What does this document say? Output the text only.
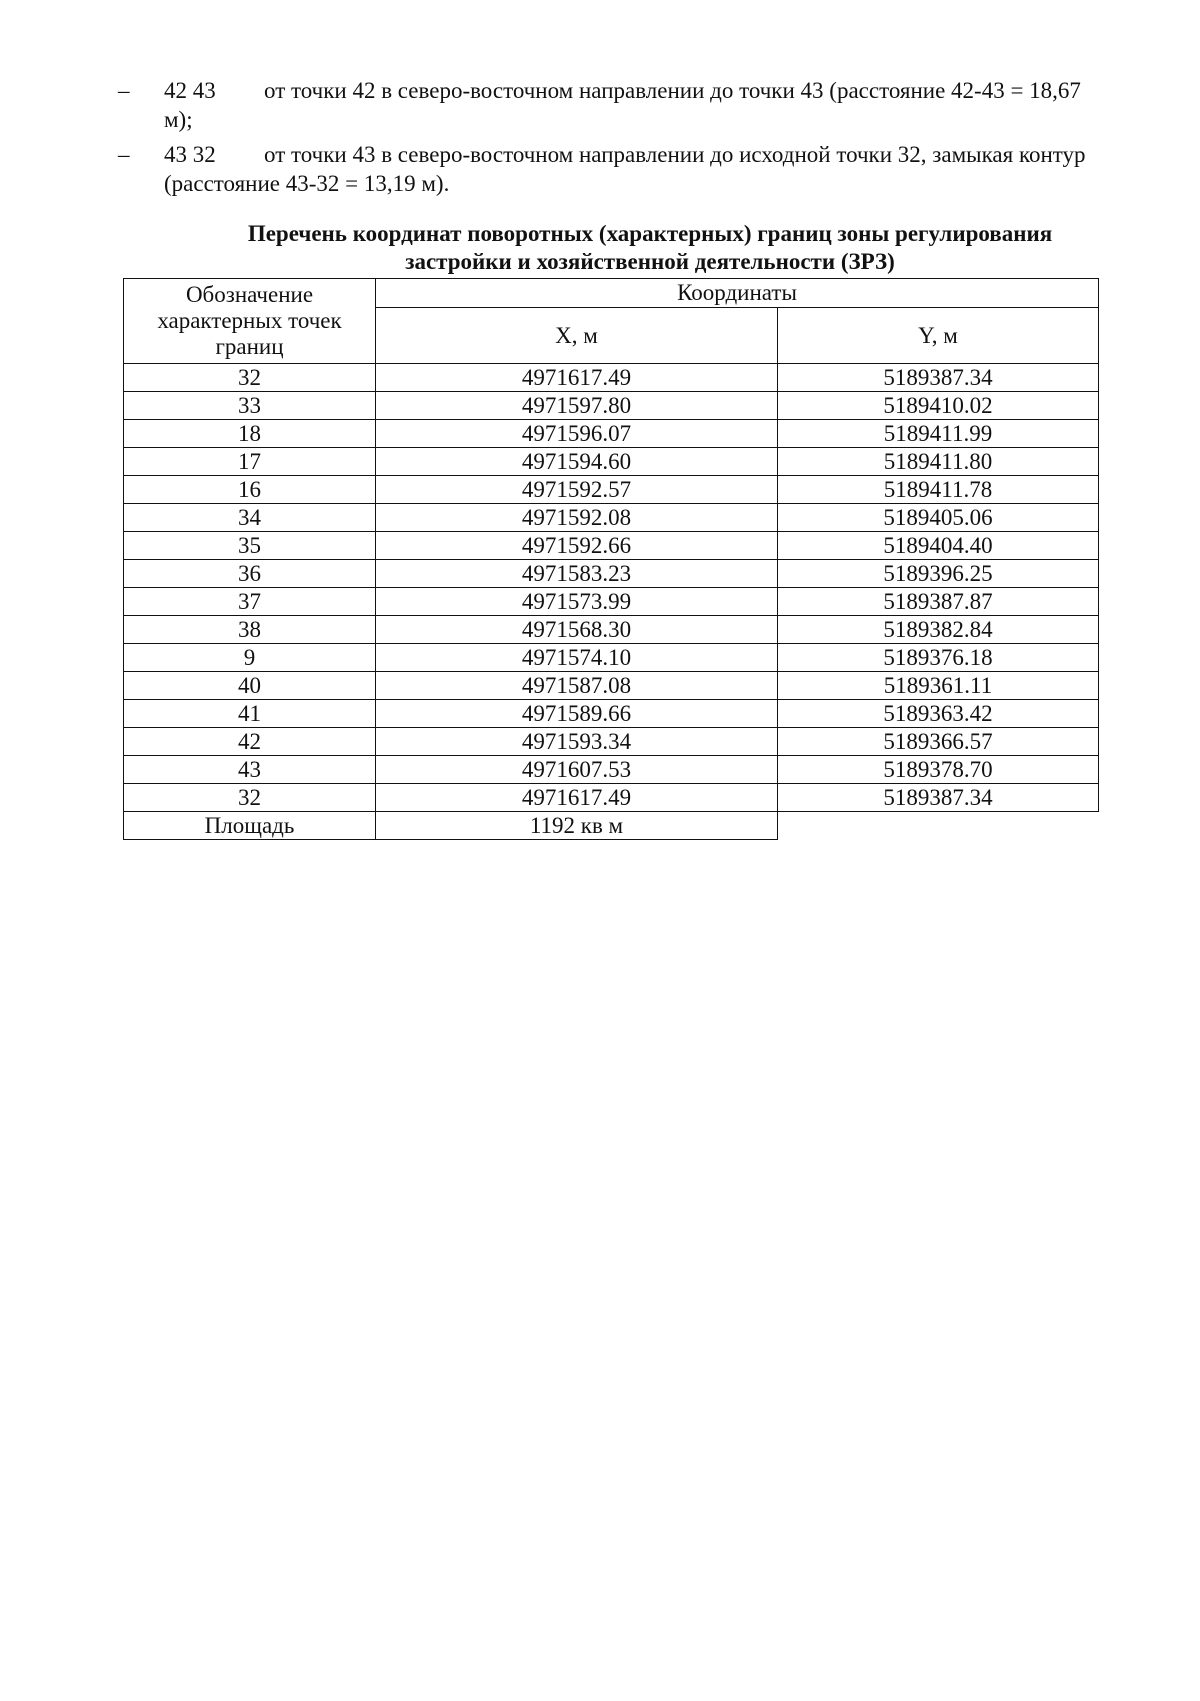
– 42 43 от точки 42 в северо-восточном направлении до точки 43 (расстояние 42-43 = 18,67 м);
– 43 32 от точки 43 в северо-восточном направлении до исходной точки 32, замыкая контур (расстояние 43-32 = 13,19 м).
Перечень координат поворотных (характерных) границ зоны регулирования
застройки и хозяйственной деятельности (ЗРЗ)
Обозначение характерных точек границ	Координаты	
	X, м	Y, м
32	4971617.49	5189387.34
33	4971597.80	5189410.02
18	4971596.07	5189411.99
17	4971594.60	5189411.80
16	4971592.57	5189411.78
34	4971592.08	5189405.06
35	4971592.66	5189404.40
36	4971583.23	5189396.25
37	4971573.99	5189387.87
38	4971568.30	5189382.84
9	4971574.10	5189376.18
40	4971587.08	5189361.11
41	4971589.66	5189363.42
42	4971593.34	5189366.57
43	4971607.53	5189378.70
32	4971617.49	5189387.34
Площадь	1192 кв м	
